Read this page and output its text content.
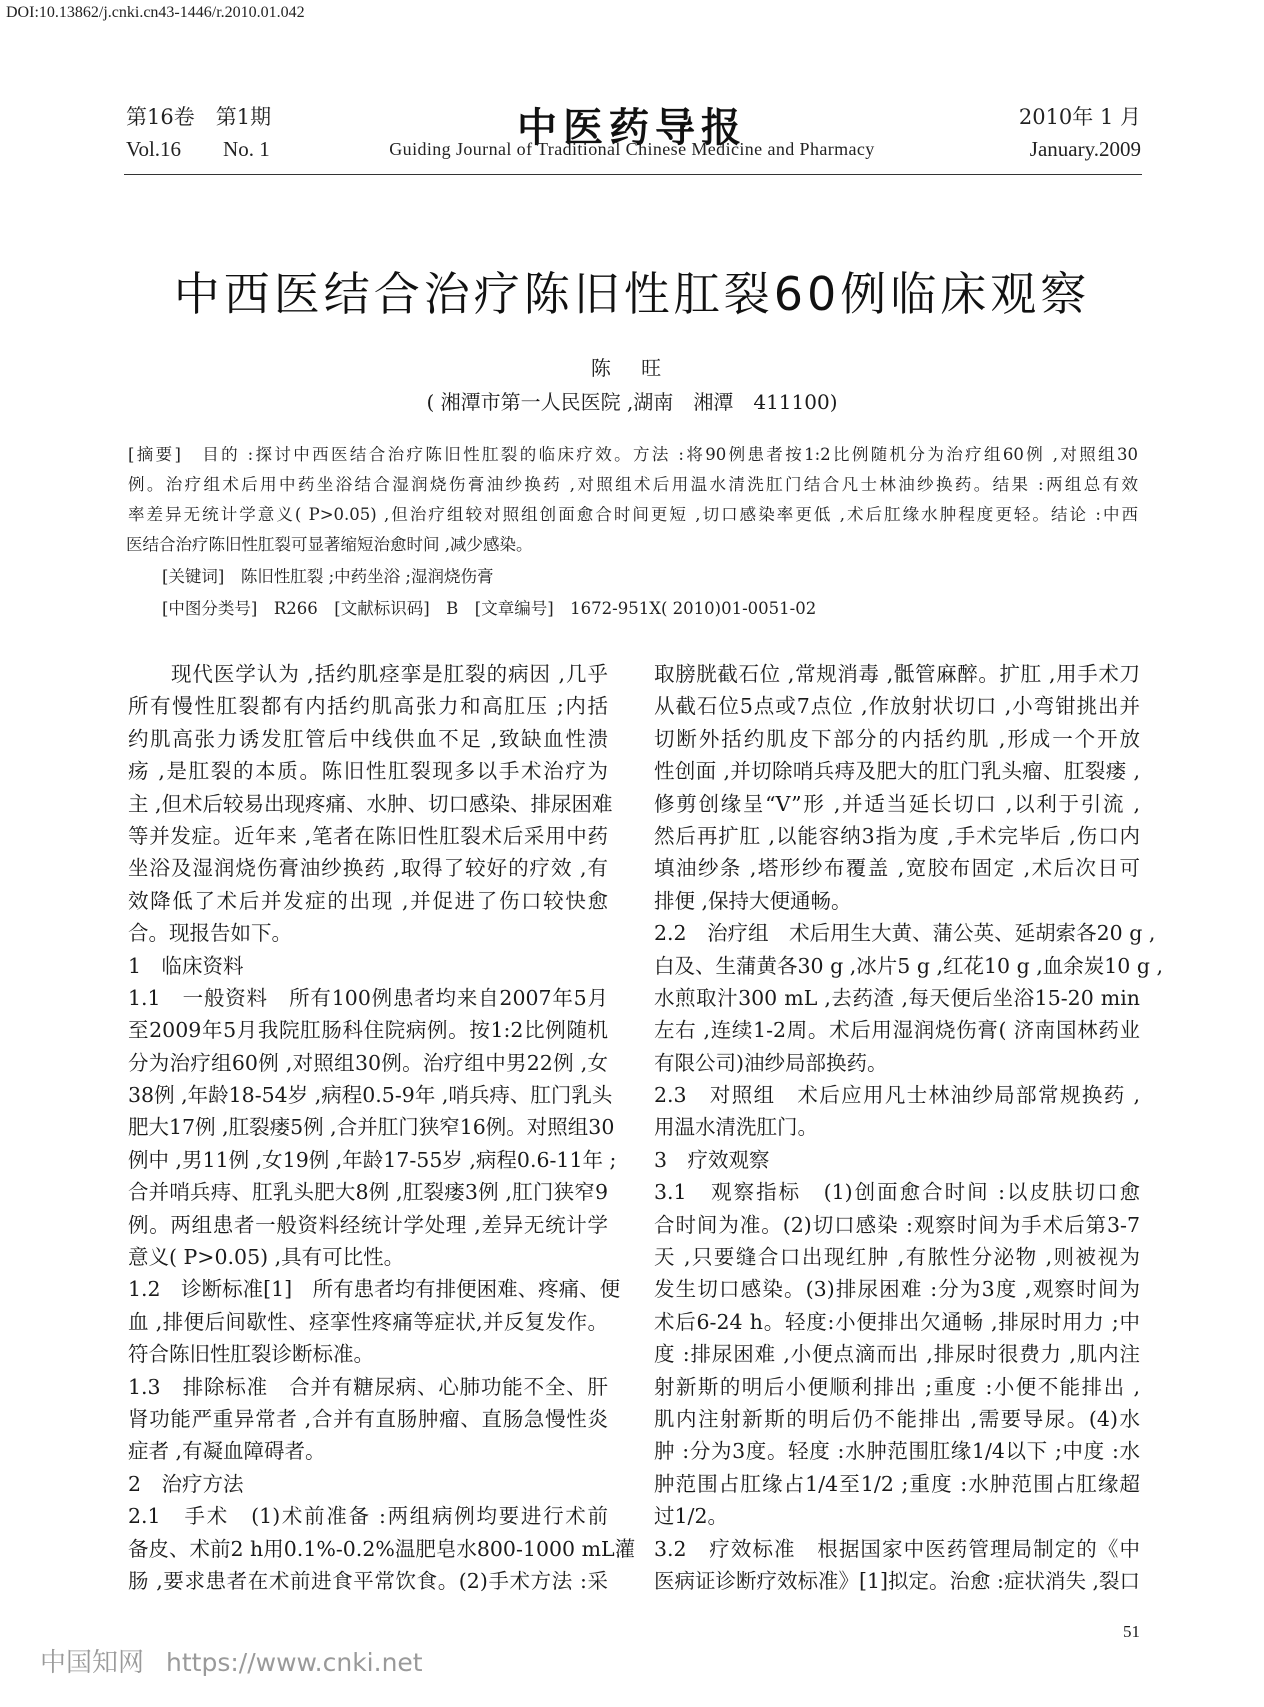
DOI:10.13862/j.cnki.cn43-1446/r.2010.01.042
第16卷　第1期
Vol.16　　No. 1	中医药导报
Guiding Journal of Traditional Chinese Medicine and Pharmacy
2010年 1 月
January.2009
中西医结合治疗陈旧性肛裂60例临床观察
陈 旺
( 湘潭市第一人民医院 ,湖南　湘潭　411100)
[摘要]　目的 :探讨中西医结合治疗陈旧性肛裂的临床疗效。方法 :将90例患者按1:2比例随机分为治疗组60例 ,对照组30
例。治疗组术后用中药坐浴结合湿润烧伤膏油纱换药 ,对照组术后用温水清洗肛门结合凡士林油纱换药。结果 :两组总有效
率差异无统计学意义( P>0.05) ,但治疗组较对照组创面愈合时间更短 ,切口感染率更低 ,术后肛缘水肿程度更轻。结论 :中西
医结合治疗陈旧性肛裂可显著缩短治愈时间 ,减少感染。
[关键词]　陈旧性肛裂 ;中药坐浴 ;湿润烧伤膏
[中图分类号]　R266　[文献标识码]　B　[文章编号]　1672-951X( 2010)01-0051-02
　　现代医学认为 ,括约肌痉挛是肛裂的病因 ,几乎
所有慢性肛裂都有内括约肌高张力和高肛压 ;内括
约肌高张力诱发肛管后中线供血不足 ,致缺血性溃
疡 ,是肛裂的本质。陈旧性肛裂现多以手术治疗为
主 ,但术后较易出现疼痛、水肿、切口感染、排尿困难
等并发症。近年来 ,笔者在陈旧性肛裂术后采用中药
坐浴及湿润烧伤膏油纱换药 ,取得了较好的疗效 ,有
效降低了术后并发症的出现 ,并促进了伤口较快愈
合。现报告如下。
1　临床资料
1.1　一般资料　所有100例患者均来自2007年5月
至2009年5月我院肛肠科住院病例。按1:2比例随机
分为治疗组60例 ,对照组30例。治疗组中男22例 ,女
38例 ,年龄18-54岁 ,病程0.5-9年 ,哨兵痔、肛门乳头
肥大17例 ,肛裂瘘5例 ,合并肛门狭窄16例。对照组30
例中 ,男11例 ,女19例 ,年龄17-55岁 ,病程0.6-11年 ;
合并哨兵痔、肛乳头肥大8例 ,肛裂瘘3例 ,肛门狭窄9
例。两组患者一般资料经统计学处理 ,差异无统计学
意义( P>0.05) ,具有可比性。
1.2　诊断标准[1]　所有患者均有排便困难、疼痛、便
血 ,排便后间歇性、痉挛性疼痛等症状,并反复发作。
符合陈旧性肛裂诊断标准。
1.3　排除标准　合并有糖尿病、心肺功能不全、肝
肾功能严重异常者 ,合并有直肠肿瘤、直肠急慢性炎
症者 ,有凝血障碍者。
2　治疗方法
2.1　手术　(1)术前准备 :两组病例均要进行术前
备皮、术前2 h用0.1%-0.2%温肥皂水800-1000 mL灌
肠 ,要求患者在术前进食平常饮食。(2)手术方法 :采
取膀胱截石位 ,常规消毒 ,骶管麻醉。扩肛 ,用手术刀
从截石位5点或7点位 ,作放射状切口 ,小弯钳挑出并
切断外括约肌皮下部分的内括约肌 ,形成一个开放
性创面 ,并切除哨兵痔及肥大的肛门乳头瘤、肛裂瘘 ,
修剪创缘呈“V”形 ,并适当延长切口 ,以利于引流 ,
然后再扩肛 ,以能容纳3指为度 ,手术完毕后 ,伤口内
填油纱条 ,塔形纱布覆盖 ,宽胶布固定 ,术后次日可
排便 ,保持大便通畅。
2.2　治疗组　术后用生大黄、蒲公英、延胡索各20 g ,
白及、生蒲黄各30 g ,冰片5 g ,红花10 g ,血余炭10 g ,
水煎取汁300 mL ,去药渣 ,每天便后坐浴15-20 min
左右 ,连续1-2周。术后用湿润烧伤膏( 济南国林药业
有限公司)油纱局部换药。
2.3　对照组　术后应用凡士林油纱局部常规换药 ,
用温水清洗肛门。
3　疗效观察
3.1　观察指标　(1)创面愈合时间 :以皮肤切口愈
合时间为准。(2)切口感染 :观察时间为手术后第3-7
天 ,只要缝合口出现红肿 ,有脓性分泌物 ,则被视为
发生切口感染。(3)排尿困难 :分为3度 ,观察时间为
术后6-24 h。轻度:小便排出欠通畅 ,排尿时用力 ;中
度 :排尿困难 ,小便点滴而出 ,排尿时很费力 ,肌内注
射新斯的明后小便顺利排出 ;重度 :小便不能排出 ,
肌内注射新斯的明后仍不能排出 ,需要导尿。(4)水
肿 :分为3度。轻度 :水肿范围肛缘1/4以下 ;中度 :水
肿范围占肛缘占1/4至1/2 ;重度 :水肿范围占肛缘超
过1/2。
3.2　疗效标准　根据国家中医药管理局制定的《中
医病证诊断疗效标准》[1]拟定。治愈 :症状消失 ,裂口
51
中国知网 https://www.cnki.net
